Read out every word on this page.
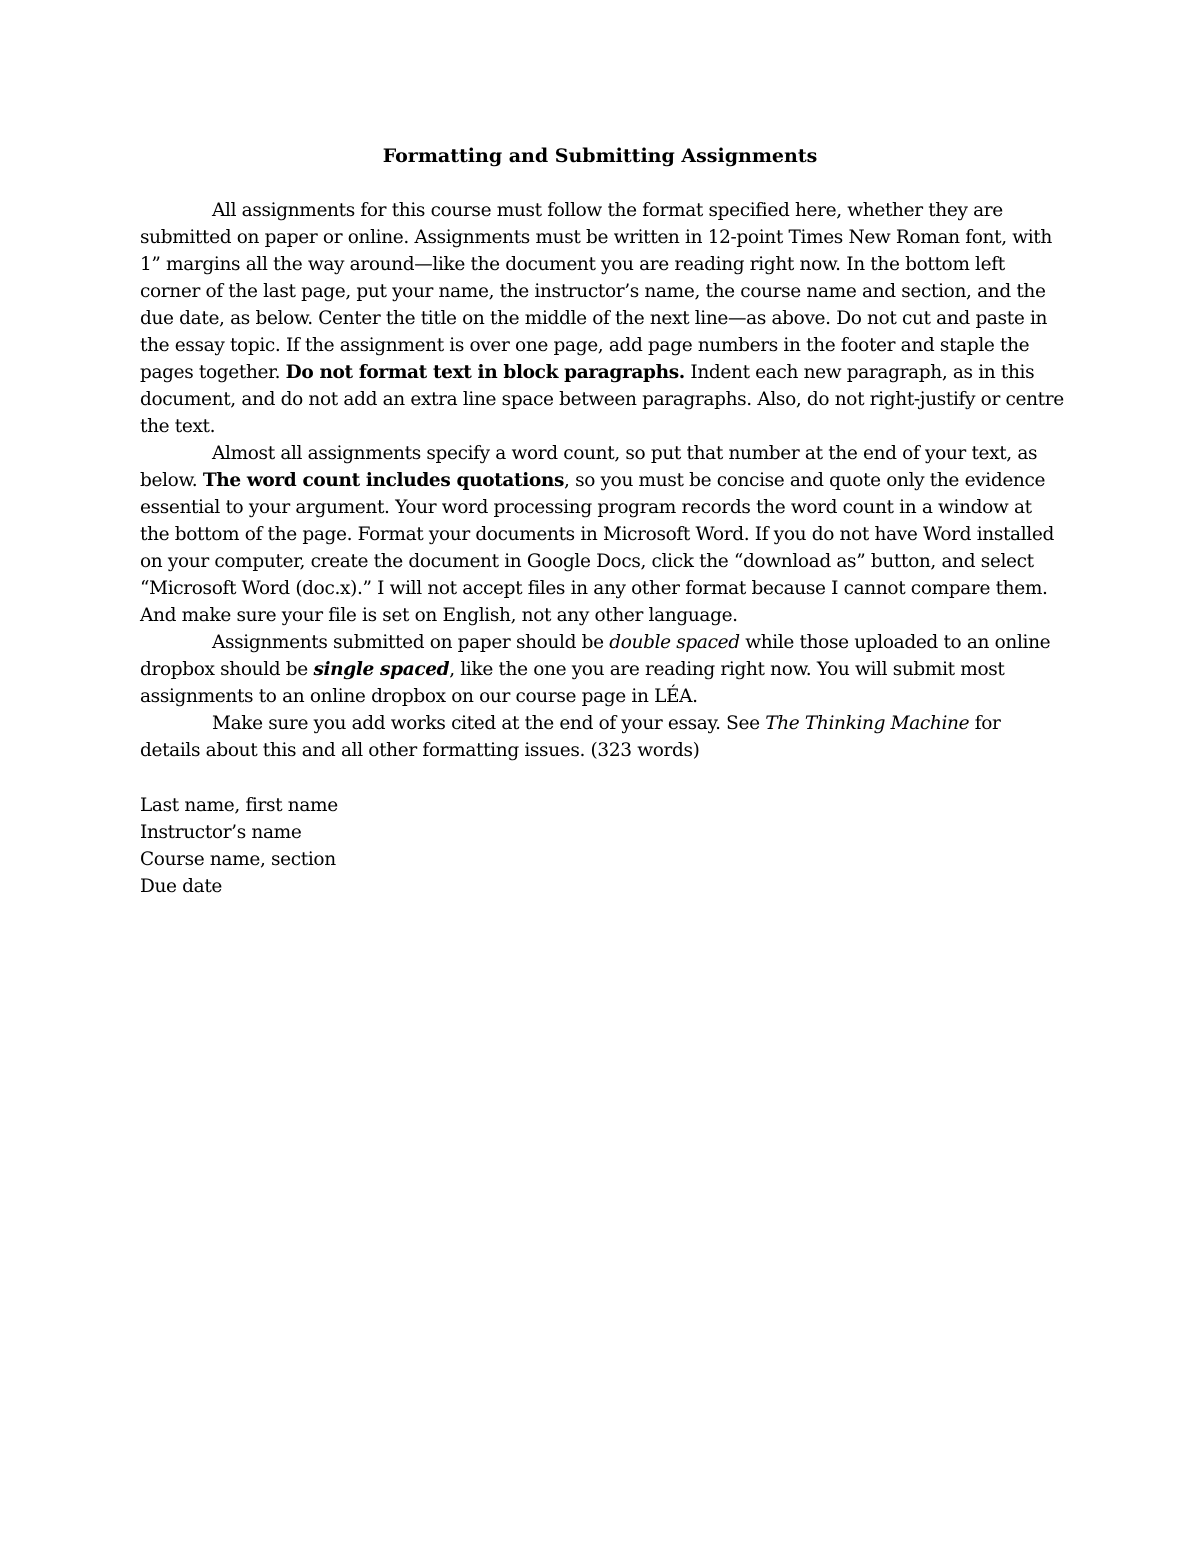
Formatting and Submitting Assignments

All assignments for this course must follow the format specified here, whether they are submitted on paper or online. Assignments must be written in 12-point Times New Roman font, with 1” margins all the way around—like the document you are reading right now. In the bottom left corner of the last page, put your name, the instructor’s name, the course name and section, and the due date, as below. Center the title on the middle of the next line—as above. Do not cut and paste in the essay topic. If the assignment is over one page, add page numbers in the footer and staple the pages together. Do not format text in block paragraphs. Indent each new paragraph, as in this document, and do not add an extra line space between paragraphs. Also, do not right-justify or centre the text.

Almost all assignments specify a word count, so put that number at the end of your text, as below. The word count includes quotations, so you must be concise and quote only the evidence essential to your argument. Your word processing program records the word count in a window at the bottom of the page. Format your documents in Microsoft Word. If you do not have Word installed on your computer, create the document in Google Docs, click the “download as” button, and select “Microsoft Word (doc.x).” I will not accept files in any other format because I cannot compare them. And make sure your file is set on English, not any other language.

Assignments submitted on paper should be double spaced while those uploaded to an online dropbox should be single spaced, like the one you are reading right now. You will submit most assignments to an online dropbox on our course page in LÉA.

Make sure you add works cited at the end of your essay. See The Thinking Machine for details about this and all other formatting issues. (323 words)

Last name, first name
Instructor’s name
Course name, section
Due date
